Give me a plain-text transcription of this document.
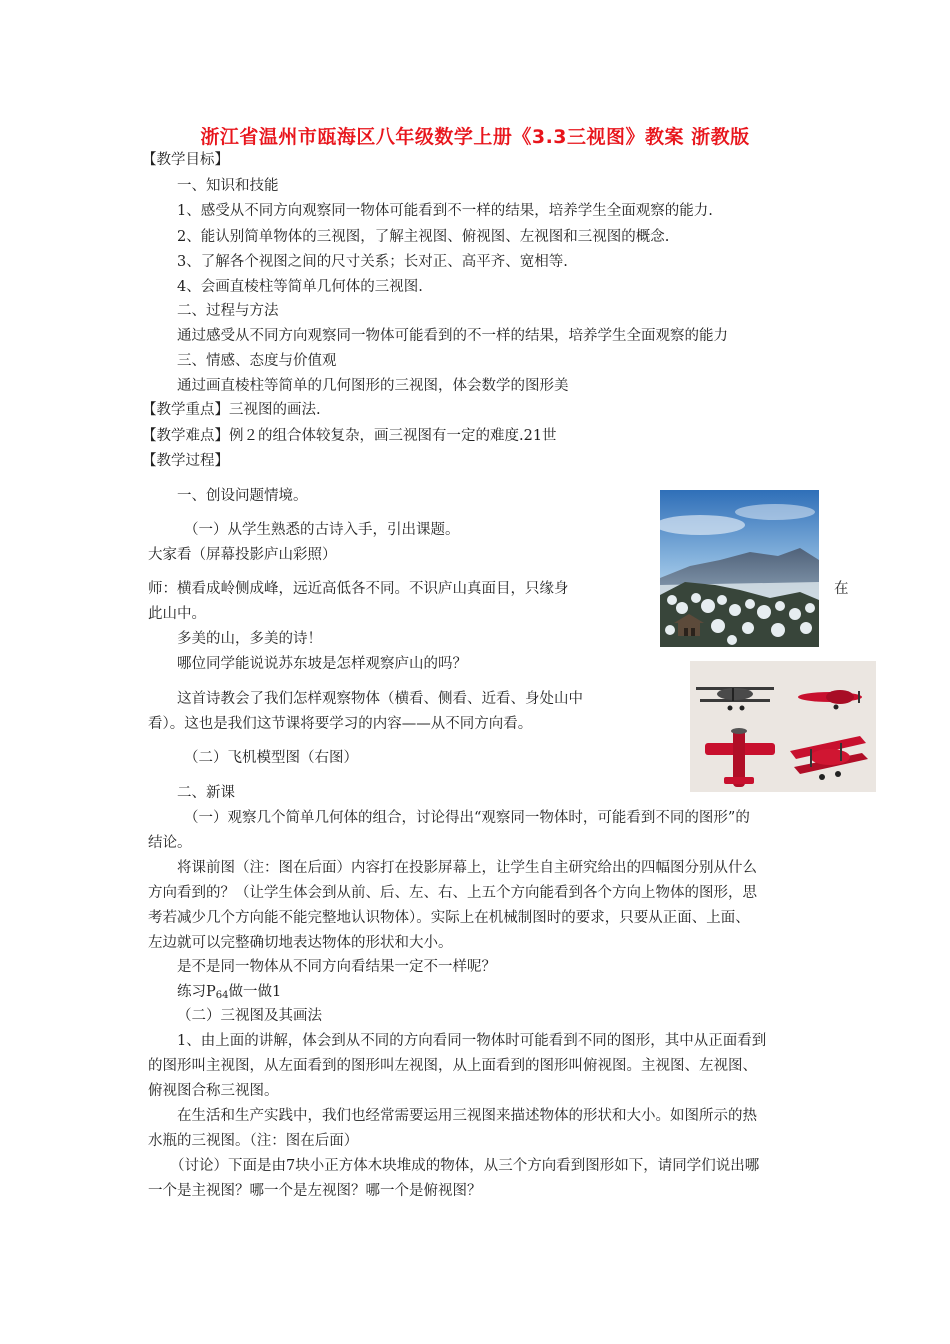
浙江省温州市瓯海区八年级数学上册《3.3三视图》教案 浙教版
【教学目标】
一、知识和技能
1、感受从不同方向观察同一物体可能看到不一样的结果，培养学生全面观察的能力.
2、能认别简单物体的三视图，了解主视图、俯视图、左视图和三视图的概念.
3、了解各个视图之间的尺寸关系；长对正、高平齐、宽相等.
4、会画直棱柱等简单几何体的三视图.
二、过程与方法
通过感受从不同方向观察同一物体可能看到的不一样的结果，培养学生全面观察的能力
三、情感、态度与价值观
通过画直棱柱等简单的几何图形的三视图，体会数学的图形美
【教学重点】三视图的画法.
【教学难点】例２的组合体较复杂，画三视图有一定的难度.21世
【教学过程】
一、创设问题情境。
（一）从学生熟悉的古诗入手，引出课题。
大家看（屏幕投影庐山彩照）
师：横看成岭侧成峰，远近高低各不同。不识庐山真面目，只缘身	在
此山中。
多美的山，多美的诗！
哪位同学能说说苏东坡是怎样观察庐山的吗？
这首诗教会了我们怎样观察物体（横看、侧看、近看、身处山中
看）。这也是我们这节课将要学习的内容——从不同方向看。
（二）飞机模型图（右图）
二、新课
（一）观察几个简单几何体的组合，讨论得出“观察同一物体时，可能看到不同的图形”的
结论。
将课前图（注：图在后面）内容打在投影屏幕上，让学生自主研究给出的四幅图分别从什么
方向看到的？（让学生体会到从前、后、左、右、上五个方向能看到各个方向上物体的图形，思
考若减少几个方向能不能完整地认识物体）。实际上在机械制图时的要求，只要从正面、上面、
左边就可以完整确切地表达物体的形状和大小。
是不是同一物体从不同方向看结果一定不一样呢？
练习$P_{64}$做一做1
（二）三视图及其画法
1、由上面的讲解，体会到从不同的方向看同一物体时可能看到不同的图形，其中从正面看到
的图形叫主视图，从左面看到的图形叫左视图，从上面看到的图形叫俯视图。主视图、左视图、
俯视图合称三视图。
在生活和生产实践中，我们也经常需要运用三视图来描述物体的形状和大小。如图所示的热
水瓶的三视图。（注：图在后面）
（讨论）下面是由7块小正方体木块堆成的物体，从三个方向看到图形如下，请同学们说出哪
一个是主视图？哪一个是左视图？哪一个是俯视图？
